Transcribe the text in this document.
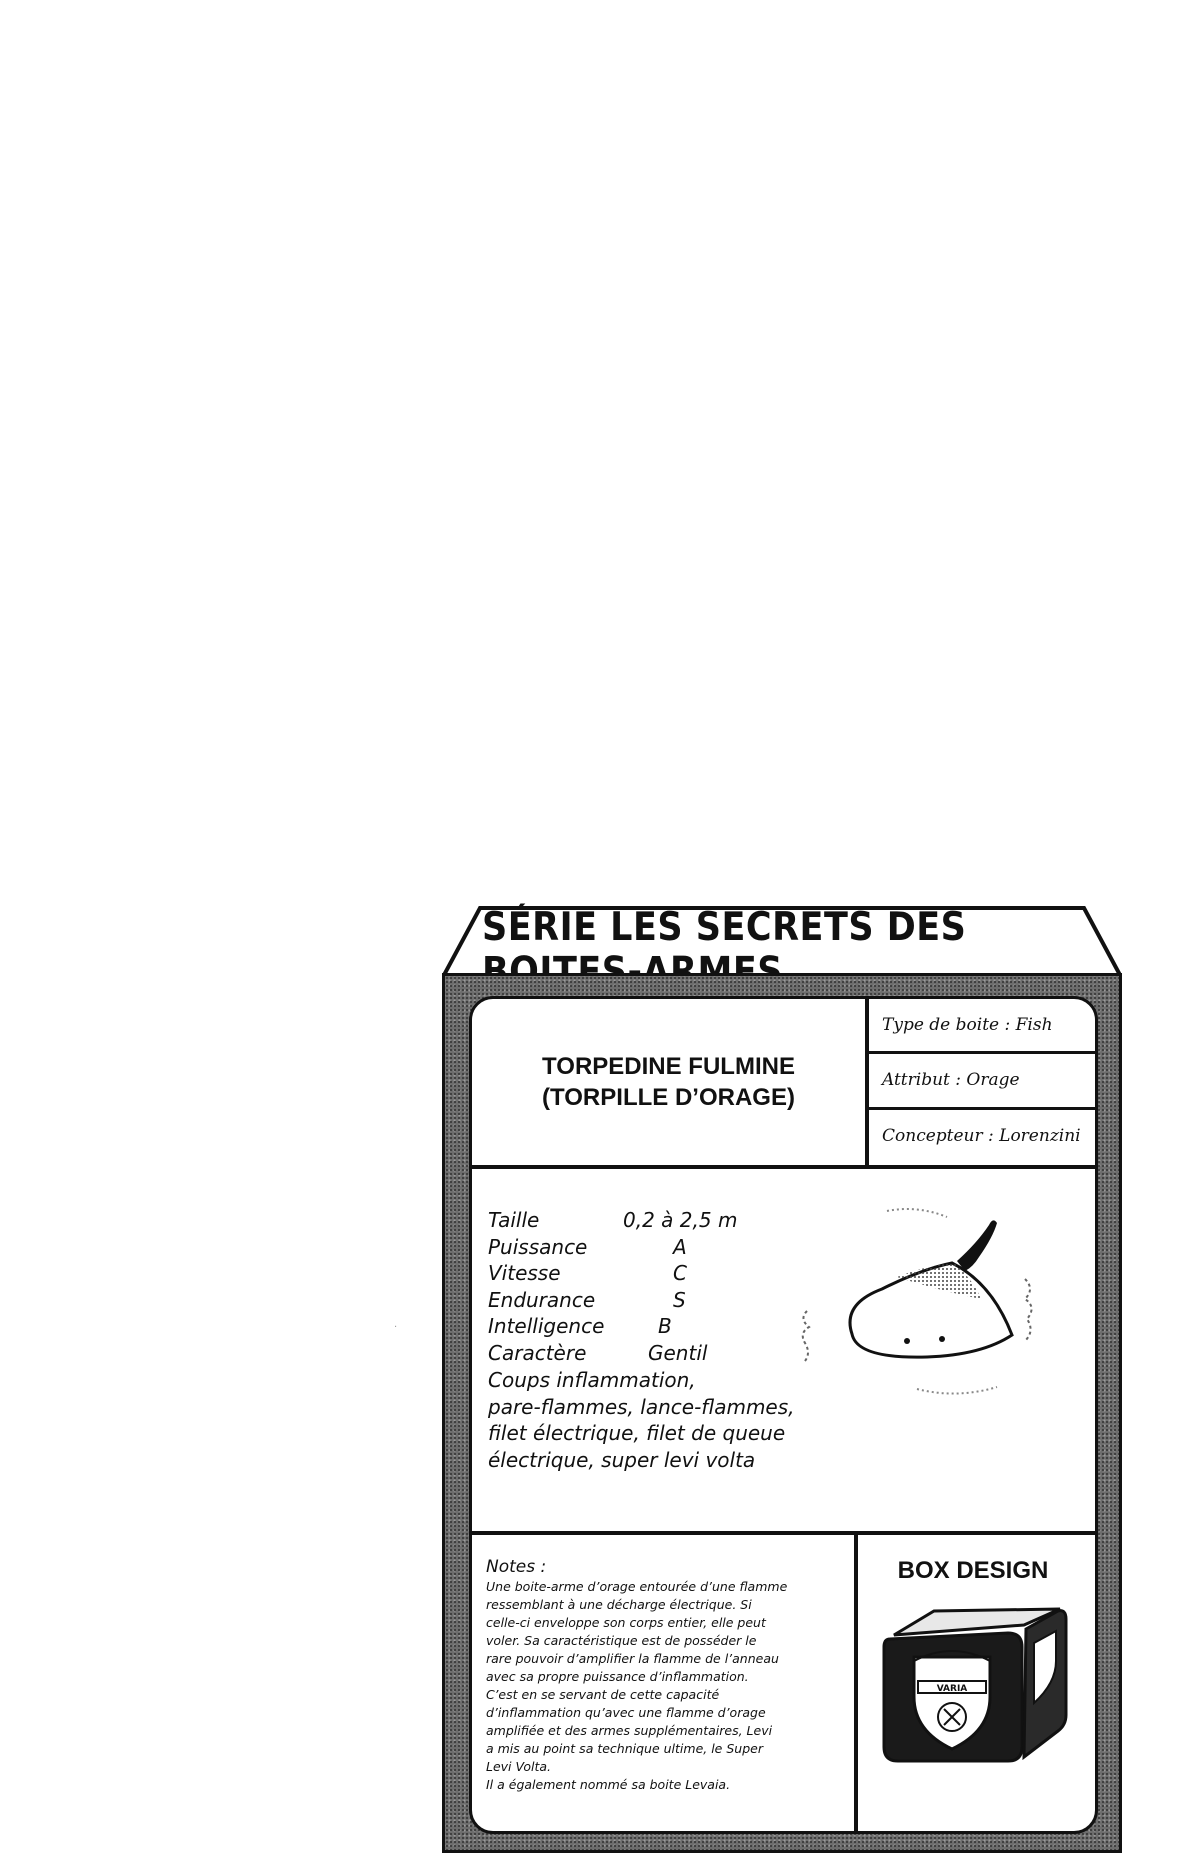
·
SÉRIE LES SECRETS DES
TORPEDINE FULMINE
(TORPILLE D’ORAGE)
Type de boite : Fish
Attribut : Orage
Concepteur : Lorenzini
Taille	0,2 à 2,5 m
Puissance	A
Vitesse	C
Endurance	S
Intelligence	B
Caractère	Gentil
Coups inflammation,
pare-flammes, lance-flammes,
filet électrique, filet de queue
électrique, super levi volta
Notes :
Une boite-arme d’orage entourée d’une flamme
ressemblant à une décharge électrique. Si
celle-ci enveloppe son corps entier, elle peut
voler. Sa caractéristique est de posséder le
rare pouvoir d’amplifier la flamme de l’anneau
avec sa propre puissance d’inflammation.
C’est en se servant de cette capacité
d’inflammation qu’avec une flamme d’orage
amplifiée et des armes supplémentaires, Levi
a mis au point sa technique ultime, le Super
Levi Volta.
Il a également nommé sa boite Levaia.
BOX DESIGN
VARIA
